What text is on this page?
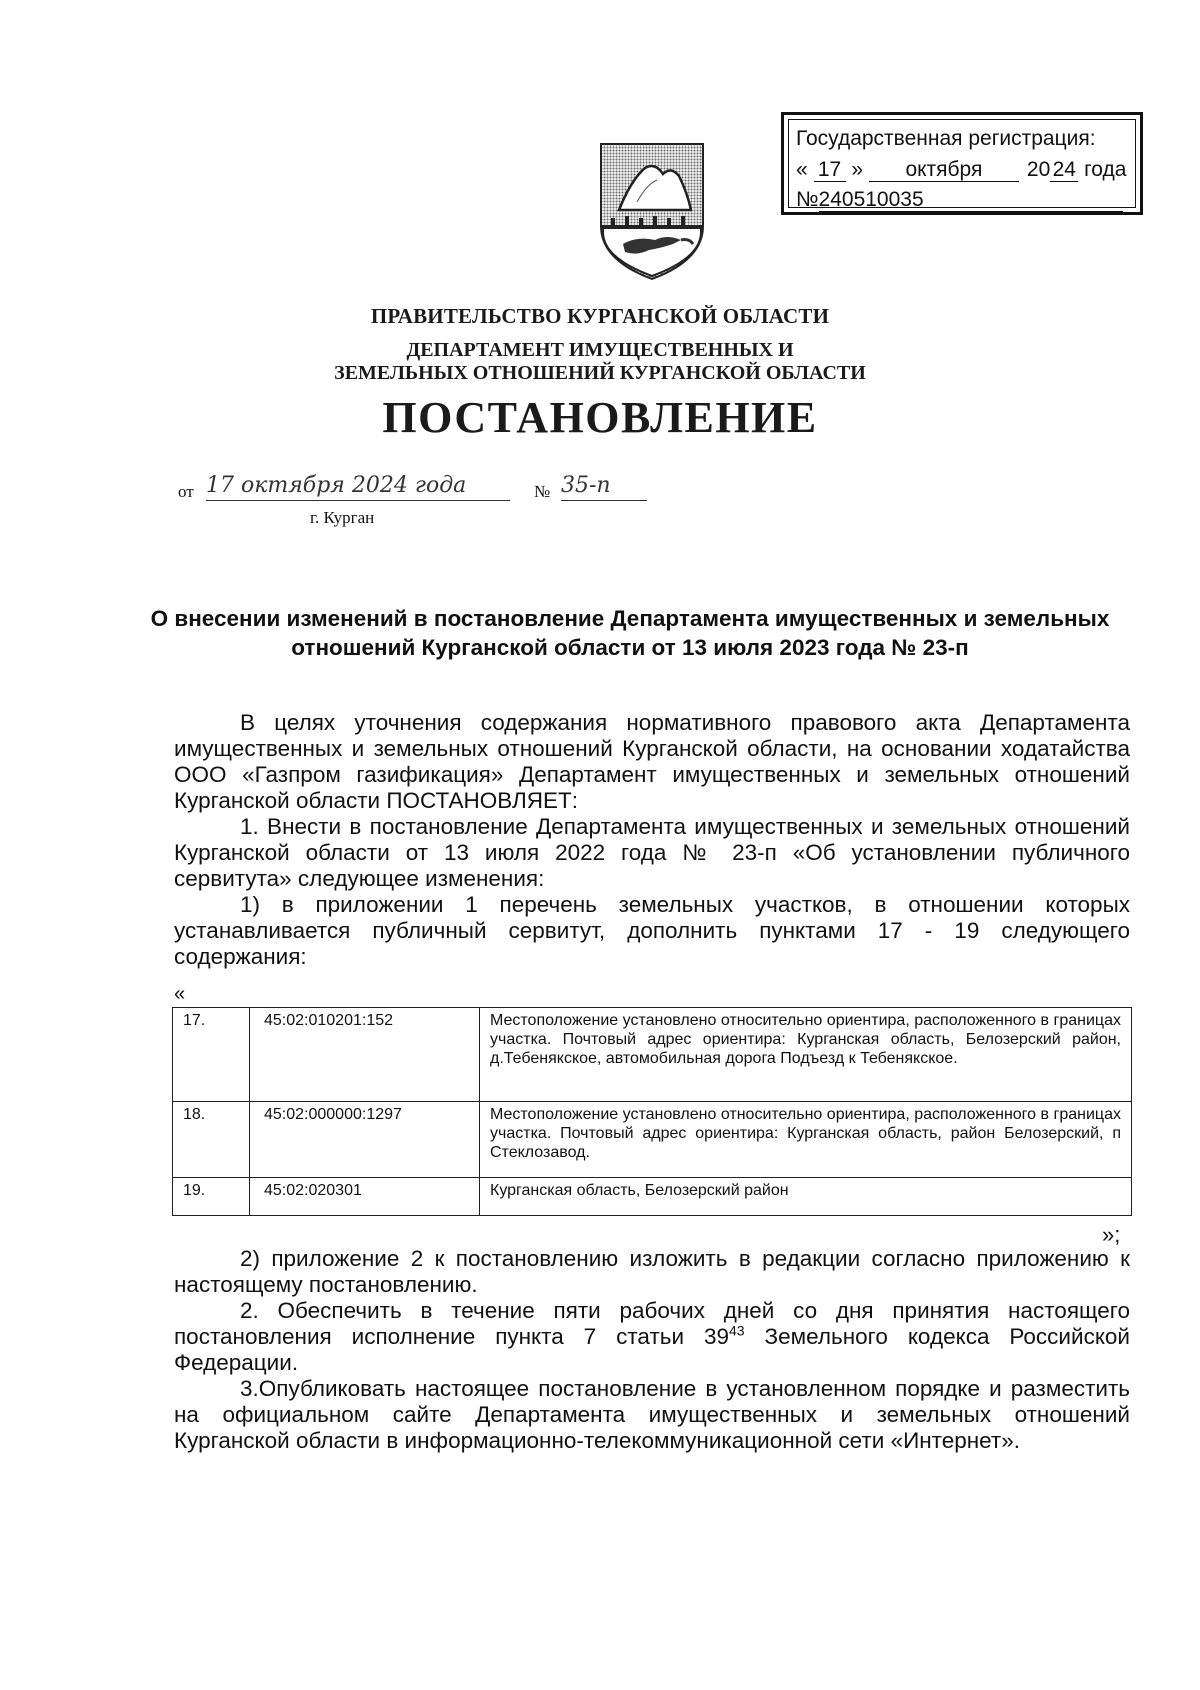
Государственная регистрация:
« 17 » октября 20 24 года
№240510035
ПРАВИТЕЛЬСТВО КУРГАНСКОЙ ОБЛАСТИ
ДЕПАРТАМЕНТ ИМУЩЕСТВЕННЫХ И
ЗЕМЕЛЬНЫХ ОТНОШЕНИЙ КУРГАНСКОЙ ОБЛАСТИ
ПОСТАНОВЛЕНИЕ
от 17 октября 2024 года	№ 35-п
г. Курган
О внесении изменений в постановление Департамента имущественных и земельных отношений Курганской области от 13 июля 2023 года № 23-п
В целях уточнения содержания нормативного правового акта Департамента имущественных и земельных отношений Курганской области, на основании ходатайства ООО «Газпром газификация» Департамент имущественных и земельных отношений Курганской области ПОСТАНОВЛЯЕТ:
1. Внести в постановление Департамента имущественных и земельных отношений Курганской области от 13 июля 2022 года № 23-п «Об установлении публичного сервитута» следующее изменения:
1) в приложении 1 перечень земельных участков, в отношении которых устанавливается публичный сервитут, дополнить пунктами 17 - 19 следующего содержания:
«
17.	45:02:010201:152	Местоположение установлено относительно ориентира, расположенного в границах участка. Почтовый адрес ориентира: Курганская область, Белозерский район, д.Тебенякское, автомобильная дорога Подъезд к Тебенякское.
18.	45:02:000000:1297	Местоположение установлено относительно ориентира, расположенного в границах участка. Почтовый адрес ориентира: Курганская область, район Белозерский, п Стеклозавод.
19.	45:02:020301	Курганская область, Белозерский район
»;
2) приложение 2 к постановлению изложить в редакции согласно приложению к настоящему постановлению.
2. Обеспечить в течение пяти рабочих дней со дня принятия настоящего постановления исполнение пункта 7 статьи $39^{43}$ Земельного кодекса Российской Федерации.
3.Опубликовать настоящее постановление в установленном порядке и разместить на официальном сайте Департамента имущественных и земельных отношений Курганской области в информационно-телекоммуникационной сети «Интернет».
